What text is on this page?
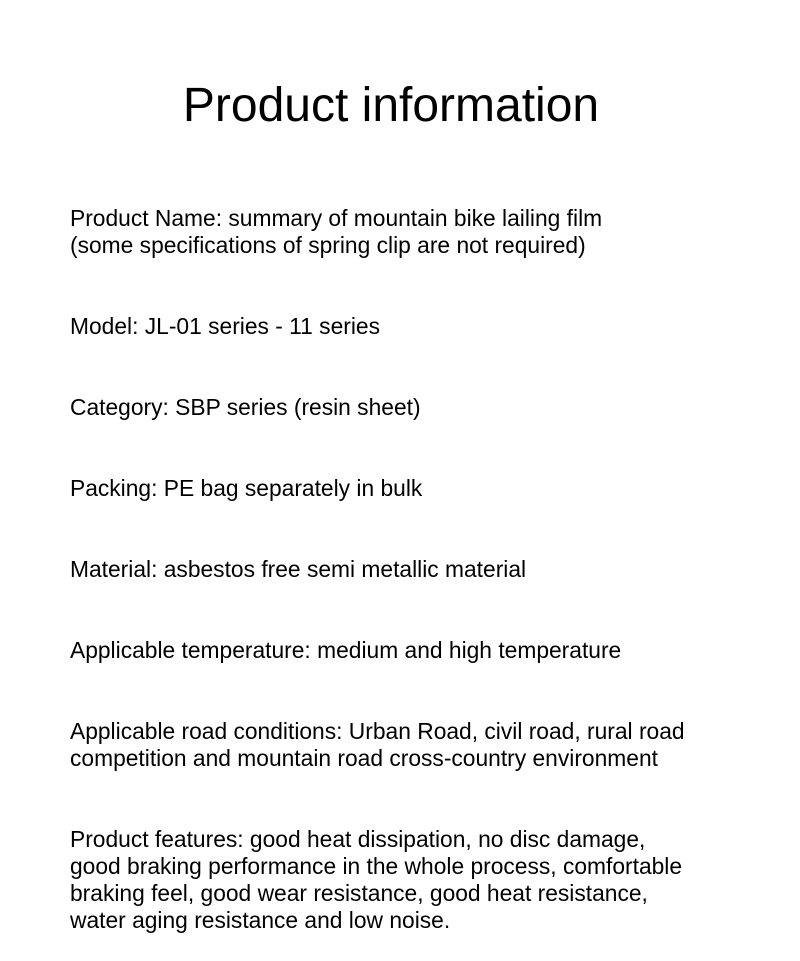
Product information

Product Name: summary of mountain bike lailing film
(some specifications of spring clip are not required)

Model: JL-01 series - 11 series

Category: SBP series (resin sheet)

Packing: PE bag separately in bulk

Material: asbestos free semi metallic material

Applicable temperature: medium and high temperature

Applicable road conditions: Urban Road, civil road, rural road
competition and mountain road cross-country environment

Product features: good heat dissipation, no disc damage,
good braking performance in the whole process, comfortable
braking feel, good wear resistance, good heat resistance,
water aging resistance and low noise.
